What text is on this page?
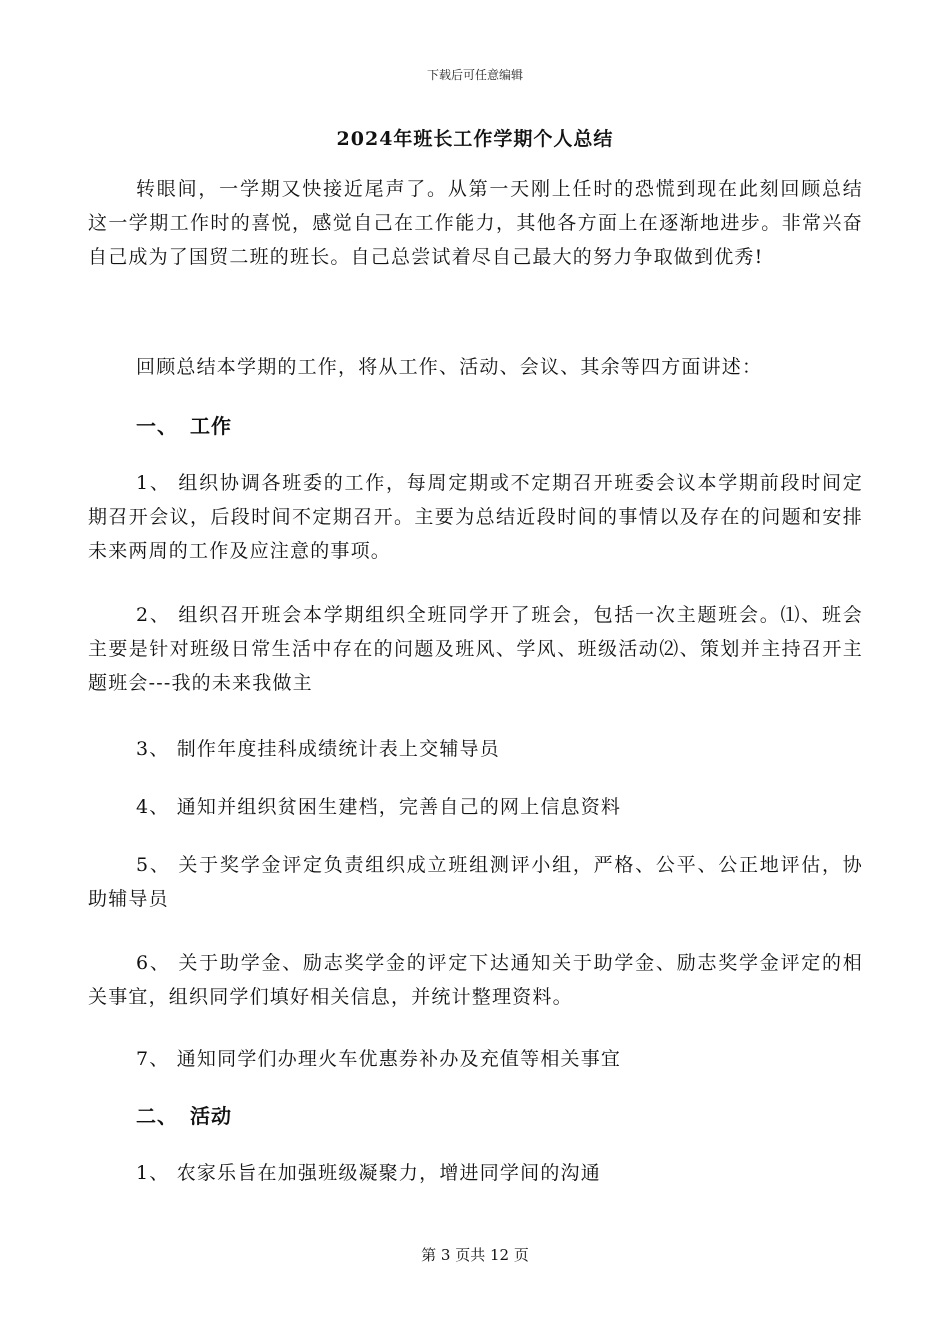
下载后可任意编辑
2024年班长工作学期个人总结

转眼间，一学期又快接近尾声了。从第一天刚上任时的恐慌到现在此刻回顾总结这一学期工作时的喜悦，感觉自己在工作能力，其他各方面上在逐渐地进步。非常兴奋自己成为了国贸二班的班长。自己总尝试着尽自己最大的努力争取做到优秀!

回顾总结本学期的工作，将从工作、活动、会议、其余等四方面讲述：

一、 工作

1、 组织协调各班委的工作，每周定期或不定期召开班委会议本学期前段时间定期召开会议，后段时间不定期召开。主要为总结近段时间的事情以及存在的问题和安排未来两周的工作及应注意的事项。

2、 组织召开班会本学期组织全班同学开了班会，包括一次主题班会。⑴、班会主要是针对班级日常生活中存在的问题及班风、学风、班级活动⑵、策划并主持召开主题班会---我的未来我做主

3、 制作年度挂科成绩统计表上交辅导员

4、 通知并组织贫困生建档，完善自己的网上信息资料

5、 关于奖学金评定负责组织成立班组测评小组，严格、公平、公正地评估，协助辅导员

6、 关于助学金、励志奖学金的评定下达通知关于助学金、励志奖学金评定的相关事宜，组织同学们填好相关信息，并统计整理资料。

7、 通知同学们办理火车优惠券补办及充值等相关事宜

二、 活动

1、 农家乐旨在加强班级凝聚力，增进同学间的沟通

第 3 页共 12 页
